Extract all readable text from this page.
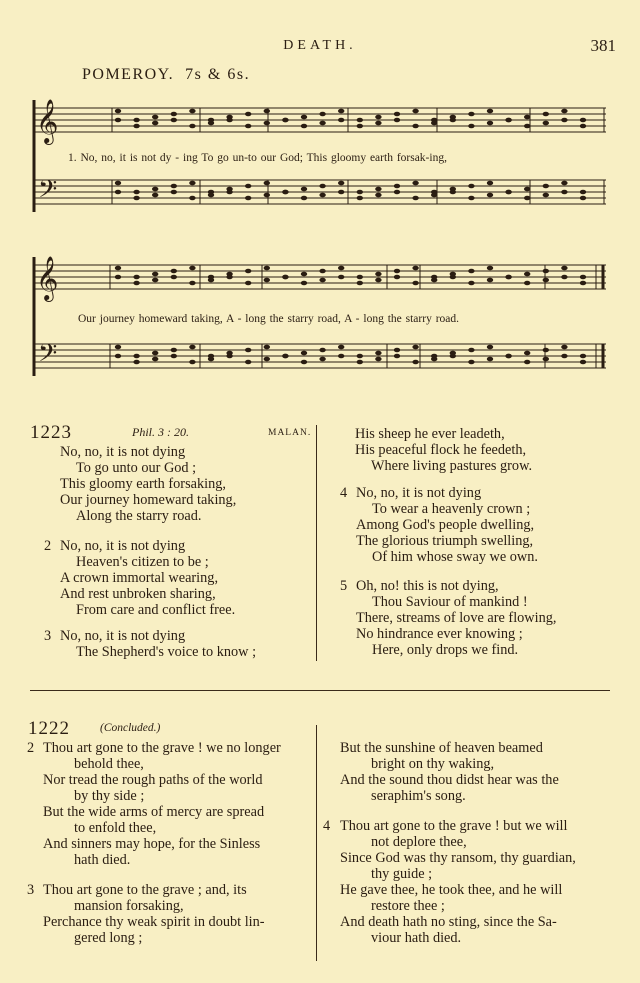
DEATH.	381
POMEROY. 7s & 6s.
𝄞
𝄢
𝄞
𝄢
1. No, no, it is not dy - ing To go un-to our God; This gloomy earth forsak-ing,
Our journey homeward taking, A - long the starry road, A - long the starry road.
1223	Phil. 3 : 20.	MALAN.
No, no, it is not dying
To go unto our God ;
This gloomy earth forsaking,
Our journey homeward taking,
Along the starry road.
2 No, no, it is not dying
Heaven's citizen to be ;
A crown immortal wearing,
And rest unbroken sharing,
From care and conflict free.
3 No, no, it is not dying
The Shepherd's voice to know ;
His sheep he ever leadeth,
His peaceful flock he feedeth,
Where living pastures grow.
4 No, no, it is not dying
To wear a heavenly crown ;
Among God's people dwelling,
The glorious triumph swelling,
Of him whose sway we own.
5 Oh, no! this is not dying,
Thou Saviour of mankind !
There, streams of love are flowing,
No hindrance ever knowing ;
Here, only drops we find.
1222	(Concluded.)
2 Thou art gone to the grave ! we no longer
behold thee,
Nor tread the rough paths of the world
by thy side ;
But the wide arms of mercy are spread
to enfold thee,
And sinners may hope, for the Sinless
hath died.
3 Thou art gone to the grave ; and, its
mansion forsaking,
Perchance thy weak spirit in doubt lin-
gered long ;
But the sunshine of heaven beamed
bright on thy waking,
And the sound thou didst hear was the
seraphim's song.
4 Thou art gone to the grave ! but we will
not deplore thee,
Since God was thy ransom, thy guardian,
thy guide ;
He gave thee, he took thee, and he will
restore thee ;
And death hath no sting, since the Sa-
viour hath died.
